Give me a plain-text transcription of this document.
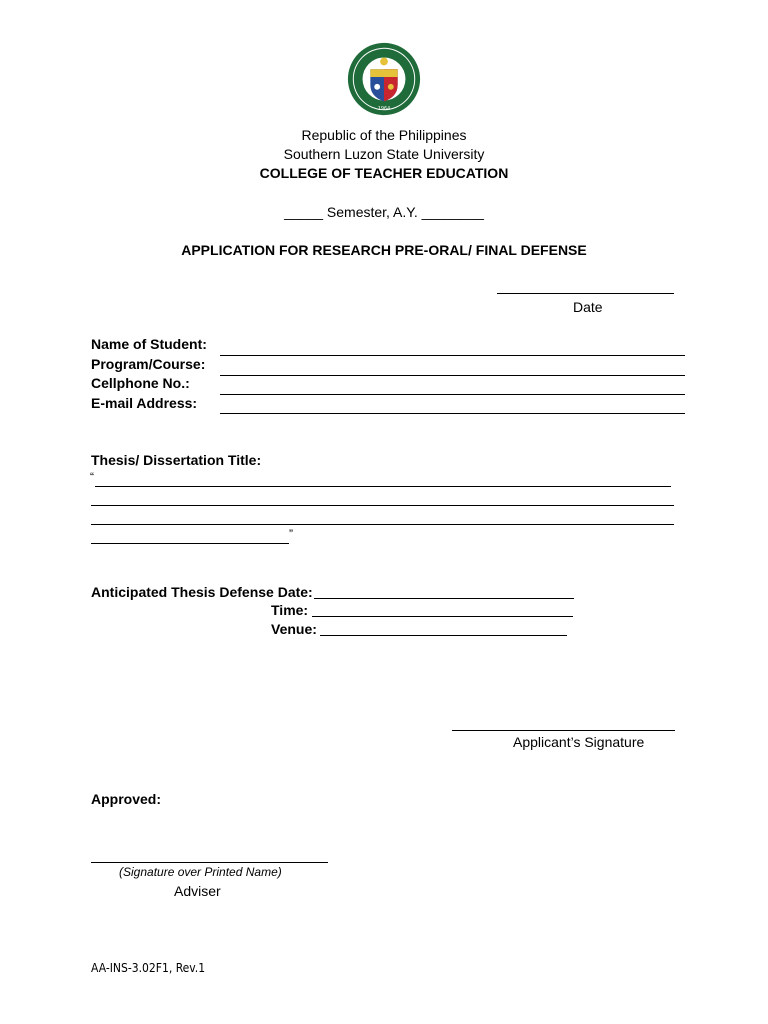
1964
Republic of the Philippines
Southern Luzon State University
COLLEGE OF TEACHER EDUCATION
_____ Semester, A.Y. ________
APPLICATION FOR RESEARCH PRE-ORAL/ FINAL DEFENSE
Date
Name of Student:
Program/Course:
Cellphone No.:
E-mail Address:
Thesis/ Dissertation Title:
“
”
Anticipated Thesis Defense Date:
Time:
Venue:
Applicant’s Signature
Approved:
(Signature over Printed Name)
Adviser
AA-INS-3.02F1, Rev.1
